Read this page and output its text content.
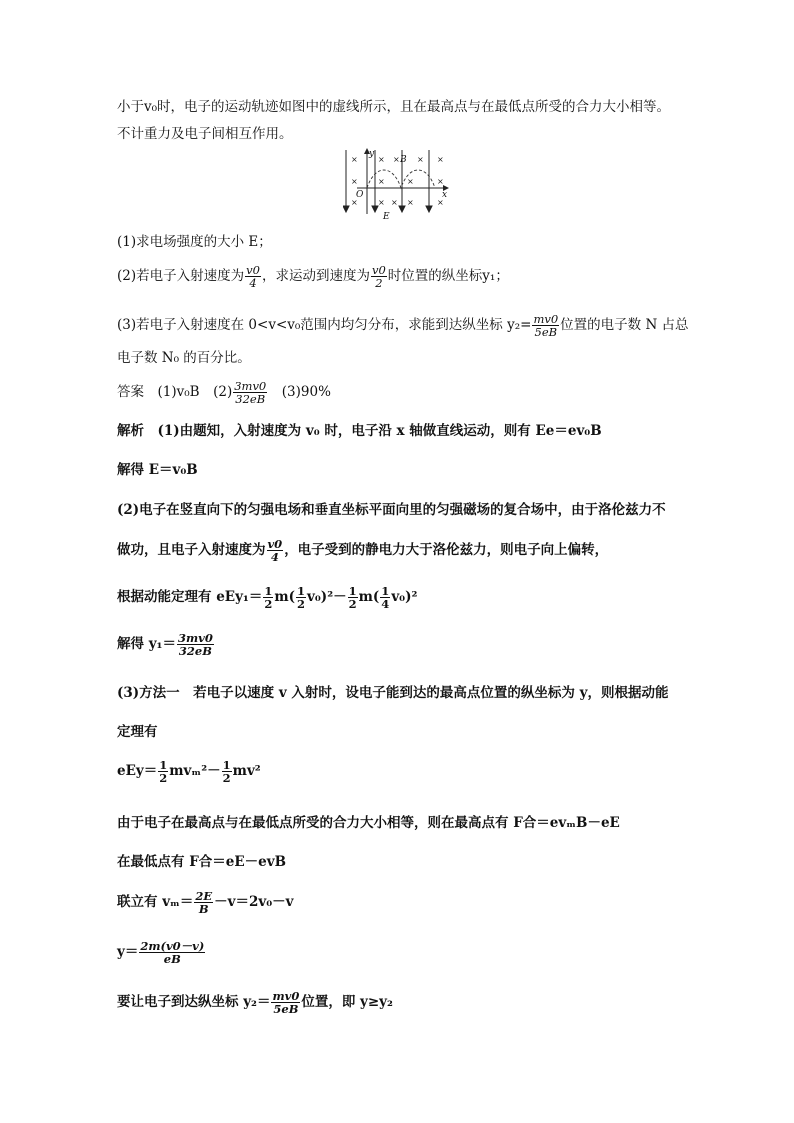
小于v₀时，电子的运动轨迹如图中的虚线所示，且在最高点与在最低点所受的合力大小相等。
不计重力及电子间相互作用。
×
×
×
×
×
×
×
×
×
×
×
×
×
×
y
x
O
B
E
(1)求电场强度的大小 E；
(2)若电子入射速度为 $\frac{v0}{4}$ ，求运动到速度为 $\frac{v0}{2}$ 时位置的纵坐标y₁；
(3)若电子入射速度在 0<v<v₀范围内均匀分布，求能到达纵坐标 $y_2= \frac{mv0}{5eB}$ 位置的电子数 N 占总
电子数 N₀ 的百分比。
答案　(1)v₀B　$(2) \frac{3mv0}{32eB}$ 　(3)90%
解析　(1)由题知，入射速度为 v₀ 时，电子沿 x 轴做直线运动，则有 Ee＝ev₀B
解得 E＝v₀B
(2)电子在竖直向下的匀强电场和垂直坐标平面向里的匀强磁场的复合场中，由于洛伦兹力不
做功，且电子入射速度为 $\frac{v0}{4}$ ，电子受到的静电力大于洛伦兹力，则电子向上偏转，
根据动能定理有 $eEy_1= \frac{1}{2} m( \frac{1}{2} v_0)^2- \frac{1}{2} m( \frac{1}{4} v_0)^2$
解得 $y_1= \frac{3mv0}{32eB}$
(3)方法一　若电子以速度 v 入射时，设电子能到达的最高点位置的纵坐标为 y，则根据动能
定理有
$eEy= \frac{1}{2} mv_m^2- \frac{1}{2} mv^2$
由于电子在最高点与在最低点所受的合力大小相等，则在最高点有 F合＝evₘB－eE
在最低点有 F合＝eE－evB
联立有 $v_m= \frac{2E}{B} -v=2v_0-v$
$y= \frac{2m(v0-v)}{eB}$
要让电子到达纵坐标 $y_2= \frac{mv0}{5eB}$ 位置，即 y≥y₂
